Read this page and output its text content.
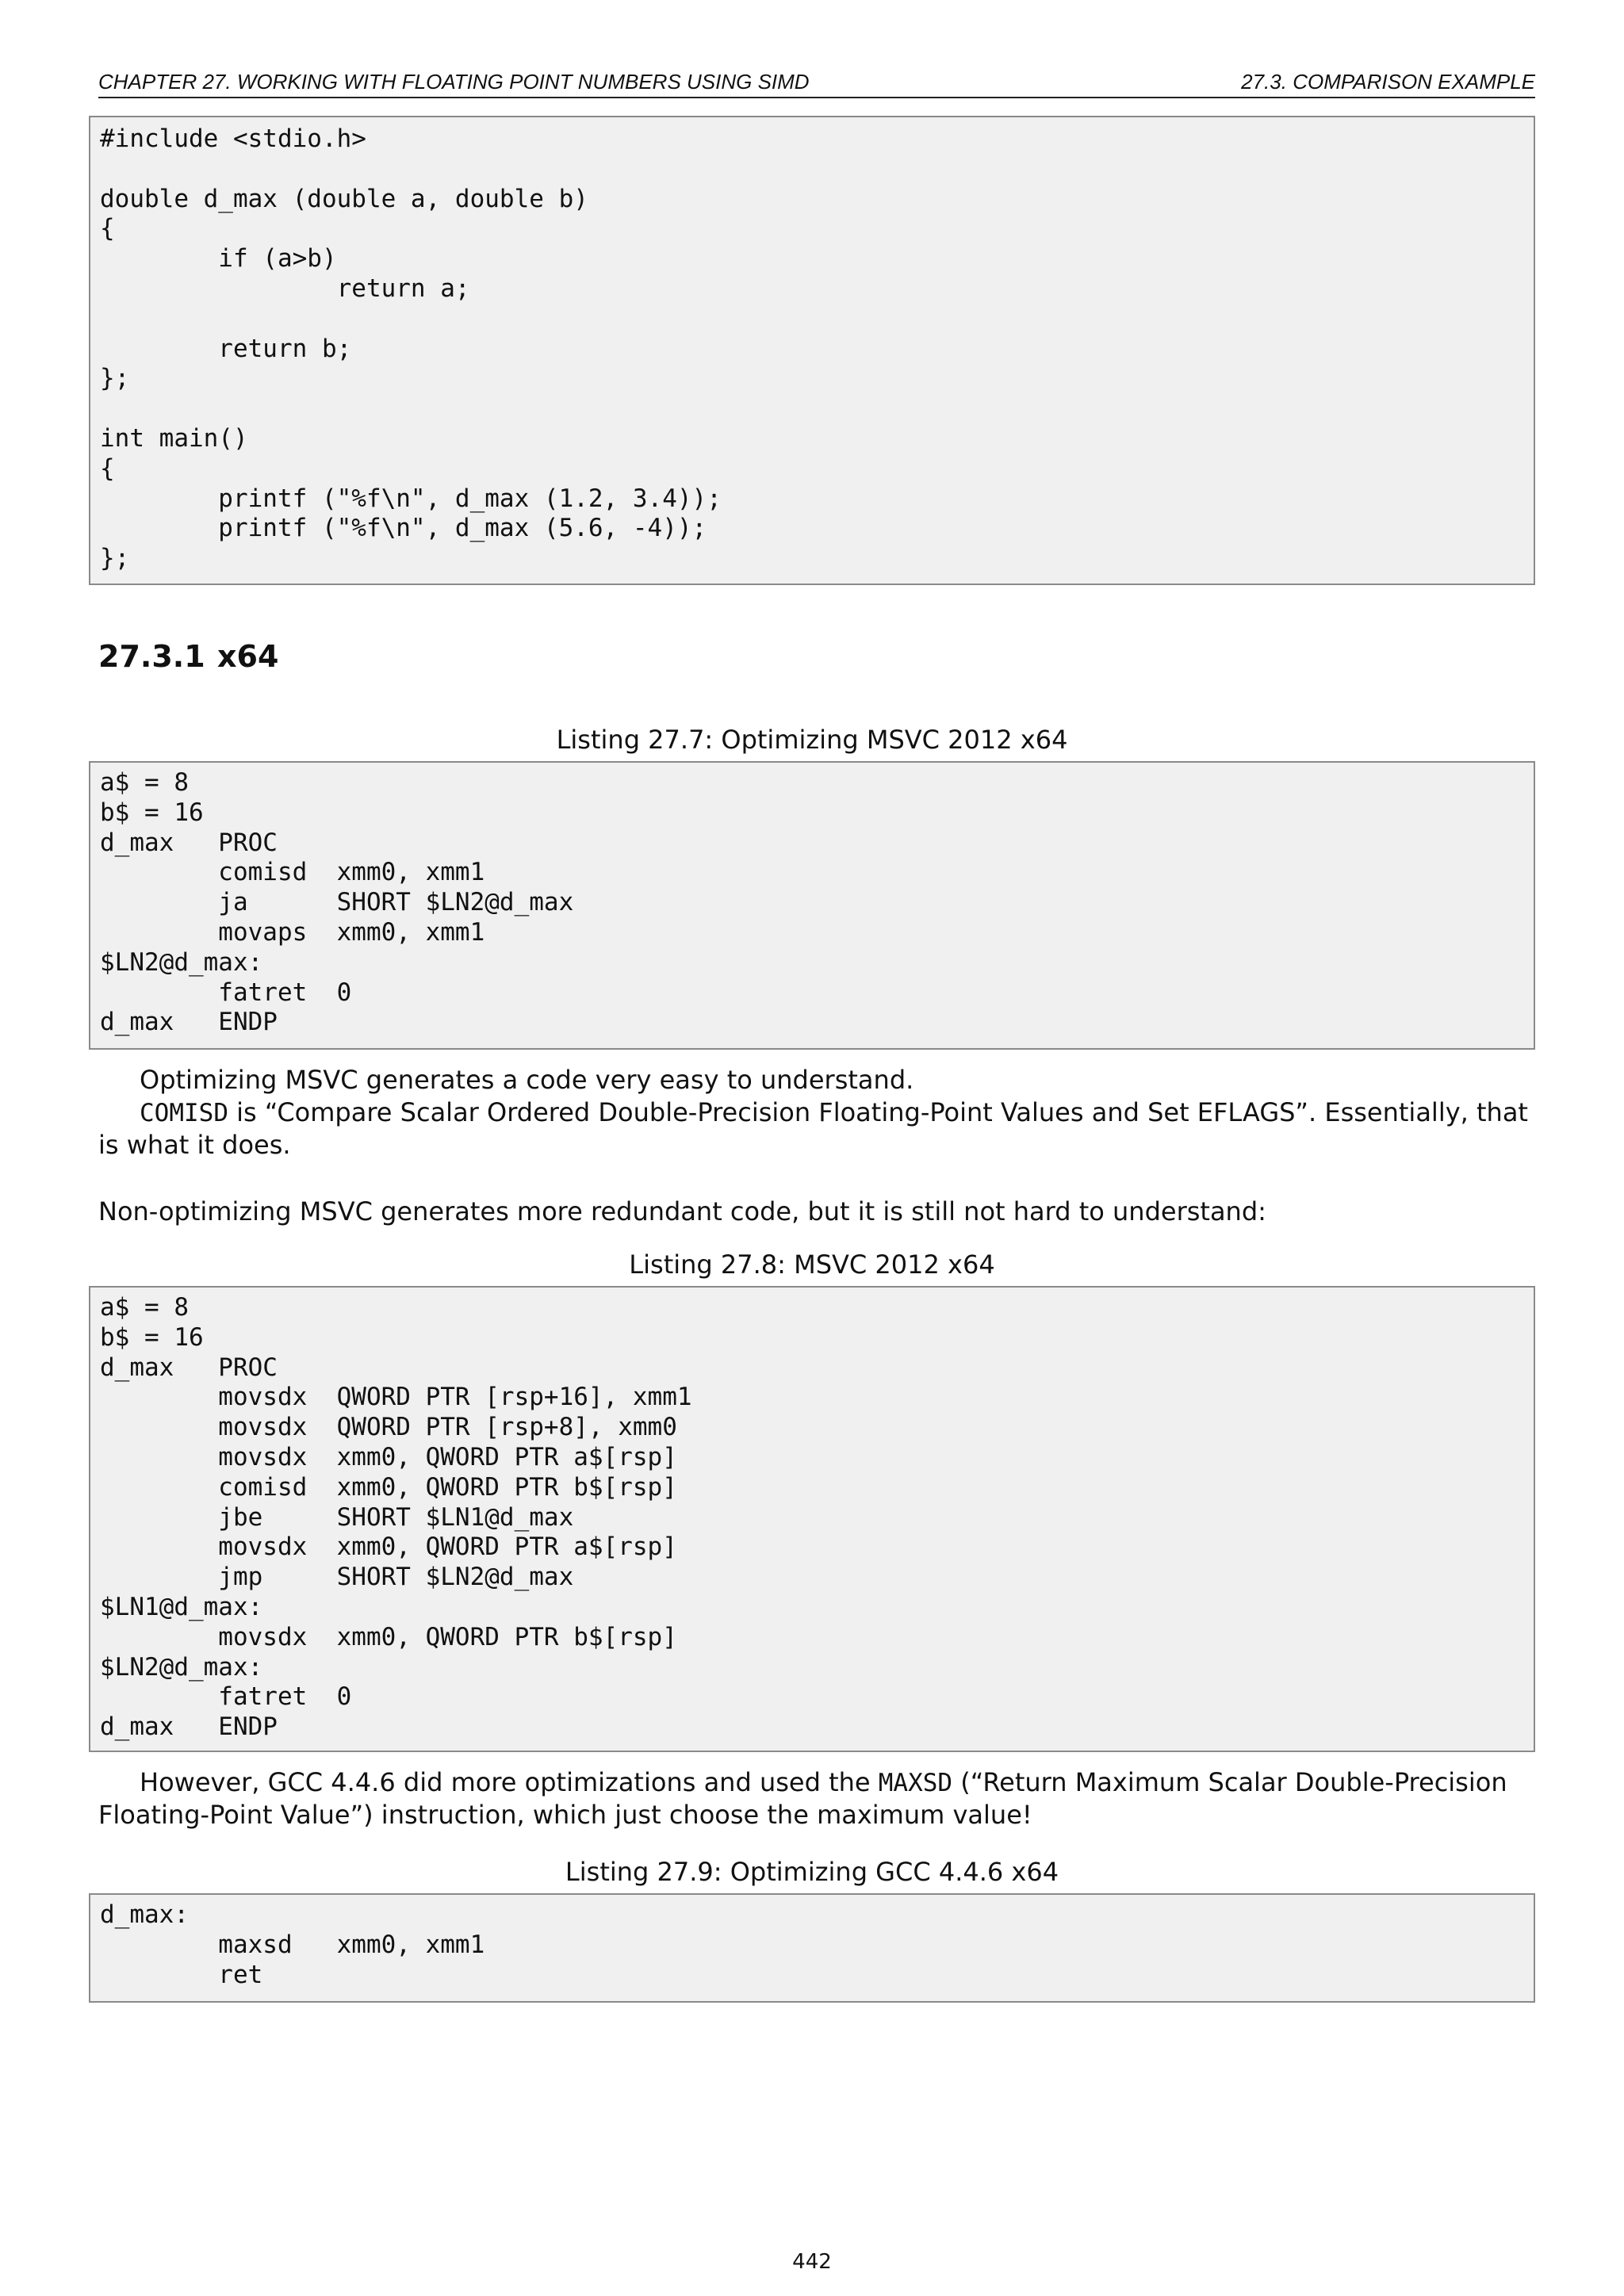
CHAPTER 27. WORKING WITH FLOATING POINT NUMBERS USING SIMD	27.3. COMPARISON EXAMPLE
#include <stdio.h>

double d_max (double a, double b)
{
if (a>b)
return a;

return b;
};

int main()
{
printf ("%f\n", d_max (1.2, 3.4));
printf ("%f\n", d_max (5.6, -4));
};
27.3.1 x64
Listing 27.7: Optimizing MSVC 2012 x64
a$ = 8
b$ = 16
d_max   PROC
comisd  xmm0, xmm1
ja      SHORT $LN2@d_max
movaps  xmm0, xmm1
$LN2@d_max:
fatret  0
d_max   ENDP
Optimizing MSVC generates a code very easy to understand.
COMISD is “Compare Scalar Ordered Double-Precision Floating-Point Values and Set EFLAGS”. Essentially, that is what it does.
Non-optimizing MSVC generates more redundant code, but it is still not hard to understand:
Listing 27.8: MSVC 2012 x64
a$ = 8
b$ = 16
d_max   PROC
movsdx  QWORD PTR [rsp+16], xmm1
movsdx  QWORD PTR [rsp+8], xmm0
movsdx  xmm0, QWORD PTR a$[rsp]
comisd  xmm0, QWORD PTR b$[rsp]
jbe     SHORT $LN1@d_max
movsdx  xmm0, QWORD PTR a$[rsp]
jmp     SHORT $LN2@d_max
$LN1@d_max:
movsdx  xmm0, QWORD PTR b$[rsp]
$LN2@d_max:
fatret  0
d_max   ENDP
However, GCC 4.4.6 did more optimizations and used the MAXSD (“Return Maximum Scalar Double-Precision Floating-Point Value”) instruction, which just choose the maximum value!
Listing 27.9: Optimizing GCC 4.4.6 x64
d_max:
maxsd   xmm0, xmm1
ret
442
